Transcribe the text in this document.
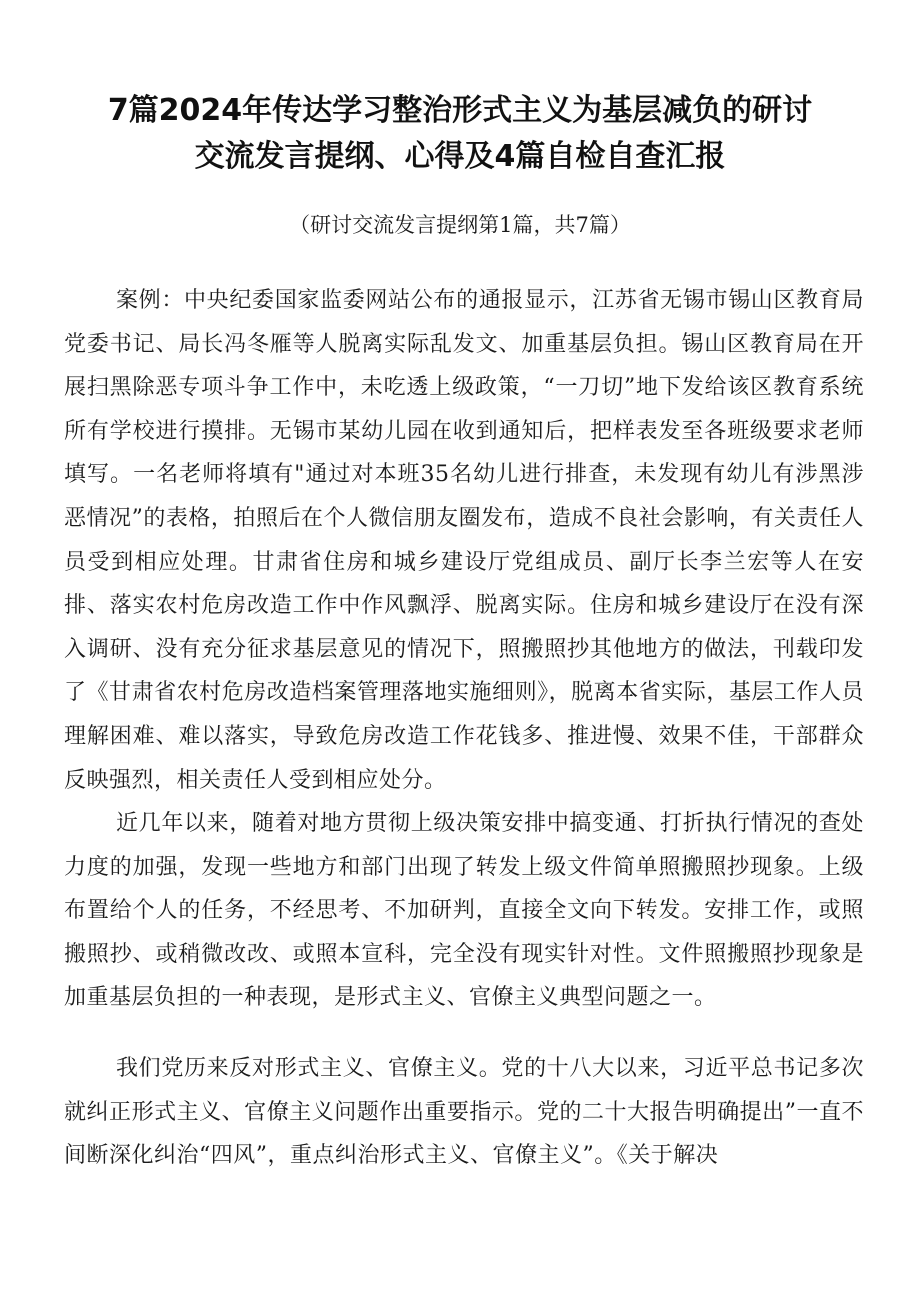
7篇2024年传达学习整治形式主义为基层减负的研讨
交流发言提纲、心得及4篇自检自查汇报

（研讨交流发言提纲第1篇，共7篇）

案例：中央纪委国家监委网站公布的通报显示，江苏省无锡市锡山区教育局党委书记、局长冯冬雁等人脱离实际乱发文、加重基层负担。锡山区教育局在开展扫黑除恶专项斗争工作中，未吃透上级政策，“一刀切”地下发给该区教育系统所有学校进行摸排。无锡市某幼儿园在收到通知后，把样表发至各班级要求老师填写。一名老师将填有"通过对本班35名幼儿进行排查，未发现有幼儿有涉黑涉恶情况”的表格，拍照后在个人微信朋友圈发布，造成不良社会影响，有关责任人员受到相应处理。甘肃省住房和城乡建设厅党组成员、副厅长李兰宏等人在安排、落实农村危房改造工作中作风飘浮、脱离实际。住房和城乡建设厅在没有深入调研、没有充分征求基层意见的情况下，照搬照抄其他地方的做法，刊载印发了《甘肃省农村危房改造档案管理落地实施细则》，脱离本省实际，基层工作人员理解困难、难以落实，导致危房改造工作花钱多、推进慢、效果不佳，干部群众反映强烈，相关责任人受到相应处分。

近几年以来，随着对地方贯彻上级决策安排中搞变通、打折执行情况的查处力度的加强，发现一些地方和部门出现了转发上级文件简单照搬照抄现象。上级布置给个人的任务，不经思考、不加研判，直接全文向下转发。安排工作，或照搬照抄、或稍微改改、或照本宣科，完全没有现实针对性。文件照搬照抄现象是加重基层负担的一种表现，是形式主义、官僚主义典型问题之一。

我们党历来反对形式主义、官僚主义。党的十八大以来，习近平总书记多次就纠正形式主义、官僚主义问题作出重要指示。党的二十大报告明确提出”一直不间断深化纠治“四风”，重点纠治形式主义、官僚主义”。《关于解决
